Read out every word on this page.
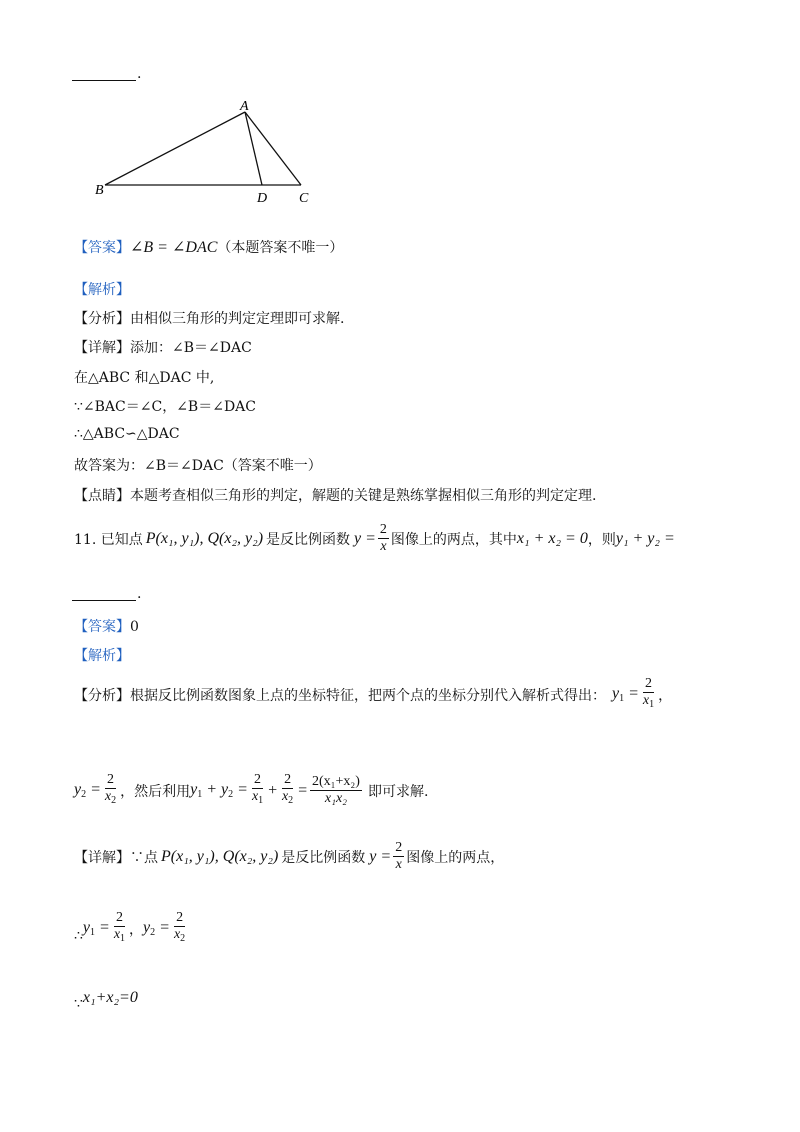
.
A
B
D C
【答案】∠B = ∠DAC（本题答案不唯一）
【解析】
【分析】由相似三角形的判定定理即可求解.
【详解】添加：∠B＝∠DAC
在△ABC 和△DAC 中,
∵∠BAC＝∠C，∠B＝∠DAC
∴△ABC∽△DAC
故答案为：∠B＝∠DAC（答案不唯一）
【点睛】本题考查相似三角形的判定，解题的关键是熟练掌握相似三角形的判定定理.
11. 已知点 P(x₁, y₁), Q(x₂, y₂) 是反比例函数 $y = \frac{2}{x}$ 图像上的两点，其中 x₁ + x₂ = 0 ，则 y₁ + y₂ =
.
【答案】0
【解析】
【分析】 根据反比例函数图象上点的坐标特征，把两个点的坐标分别代入解析式得出： $y_1 = \frac{2}{x_1}$ ，
$y_2 = \frac{2}{x_2}$ ，然后利用 $y_1 + y_2 = \frac{2}{x_1} + \frac{2}{x_2} = \frac{\text{2(x₁+x₂)}}{\text{x₁x₂}}$ 即可求解.
【详解】 ∵点 P(x₁, y₁), Q(x₂, y₂) 是反比例函数 $y = \frac{2}{x}$ 图像上的两点，
∴ $y_1 = \frac{2}{x_1}$ ， $y_2 = \frac{2}{x_2}$
∵ x₁+x₂=0
